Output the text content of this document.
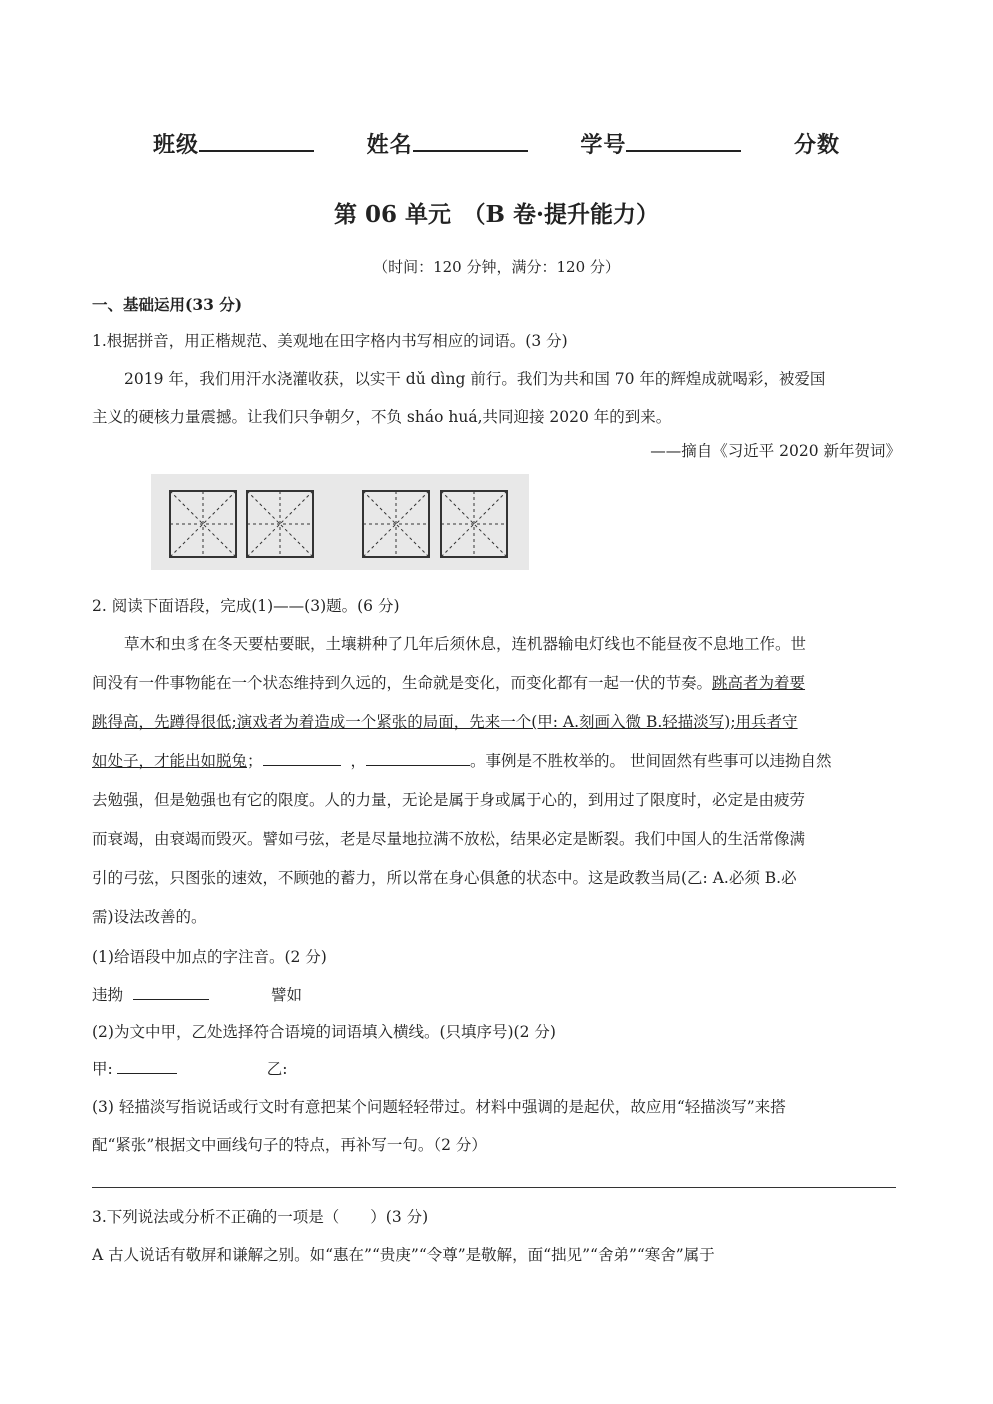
班级	姓名	学号	分数
第 06 单元　（B 卷·提升能力）
（时间：120 分钟，满分：120 分）
一、基础运用(33 分)
1.根据拼音，用正楷规范、美观地在田字格内书写相应的词语。(3 分)
2019 年，我们用汗水浇灌收获，以实干 dǔ dìng 前行。我们为共和国 70 年的辉煌成就喝彩，被爱国
主义的硬核力量震撼。让我们只争朝夕，不负 sháo huá,共同迎接 2020 年的到来。
——摘自《习近平 2020 新年贺词》
2. 阅读下面语段，完成(1)——(3)题。(6 分)
草木和虫豸在冬天要枯要眠，土壤耕种了几年后须休息，连机器输电灯线也不能昼夜不息地工作。世
间没有一件事物能在一个状态维持到久远的，生命就是变化，而变化都有一起一伏的节奏。跳高者为着要
跳得高，先蹲得很低;演戏者为着造成一个紧张的局面，先来一个(甲: A.刻画入微 B.轻描淡写);用兵者守
如处子，才能出如脱兔；	，	。事例是不胜枚举的。 世间固然有些事可以违拗自然
去勉强，但是勉强也有它的限度。人的力量，无论是属于身或属于心的，到用过了限度时，必定是由疲劳
而衰竭，由衰竭而毁灭。譬如弓弦，老是尽量地拉满不放松，结果必定是断裂。我们中国人的生活常像满
引的弓弦，只图张的速效，不顾弛的蓄力，所以常在身心俱惫的状态中。这是政教当局(乙: A.必须 B.必
需)设法改善的。
(1)给语段中加点的字注音。(2 分)
违拗	譬如
(2)为文中甲，乙处选择符合语境的词语填入横线。(只填序号)(2 分)
甲:	乙:
(3) 轻描淡写指说话或行文时有意把某个问题轻轻带过。材料中强调的是起伏，故应用“轻描淡写”来搭
配“紧张”根据文中画线句子的特点，再补写一句。（2 分）
3.下列说法或分析不正确的一项是（　　）(3 分)
A 古人说话有敬屏和谦解之别。如“惠在”“贵庚”“令尊”是敬解，面“拙见”“舍弟”“寒舍”属于
